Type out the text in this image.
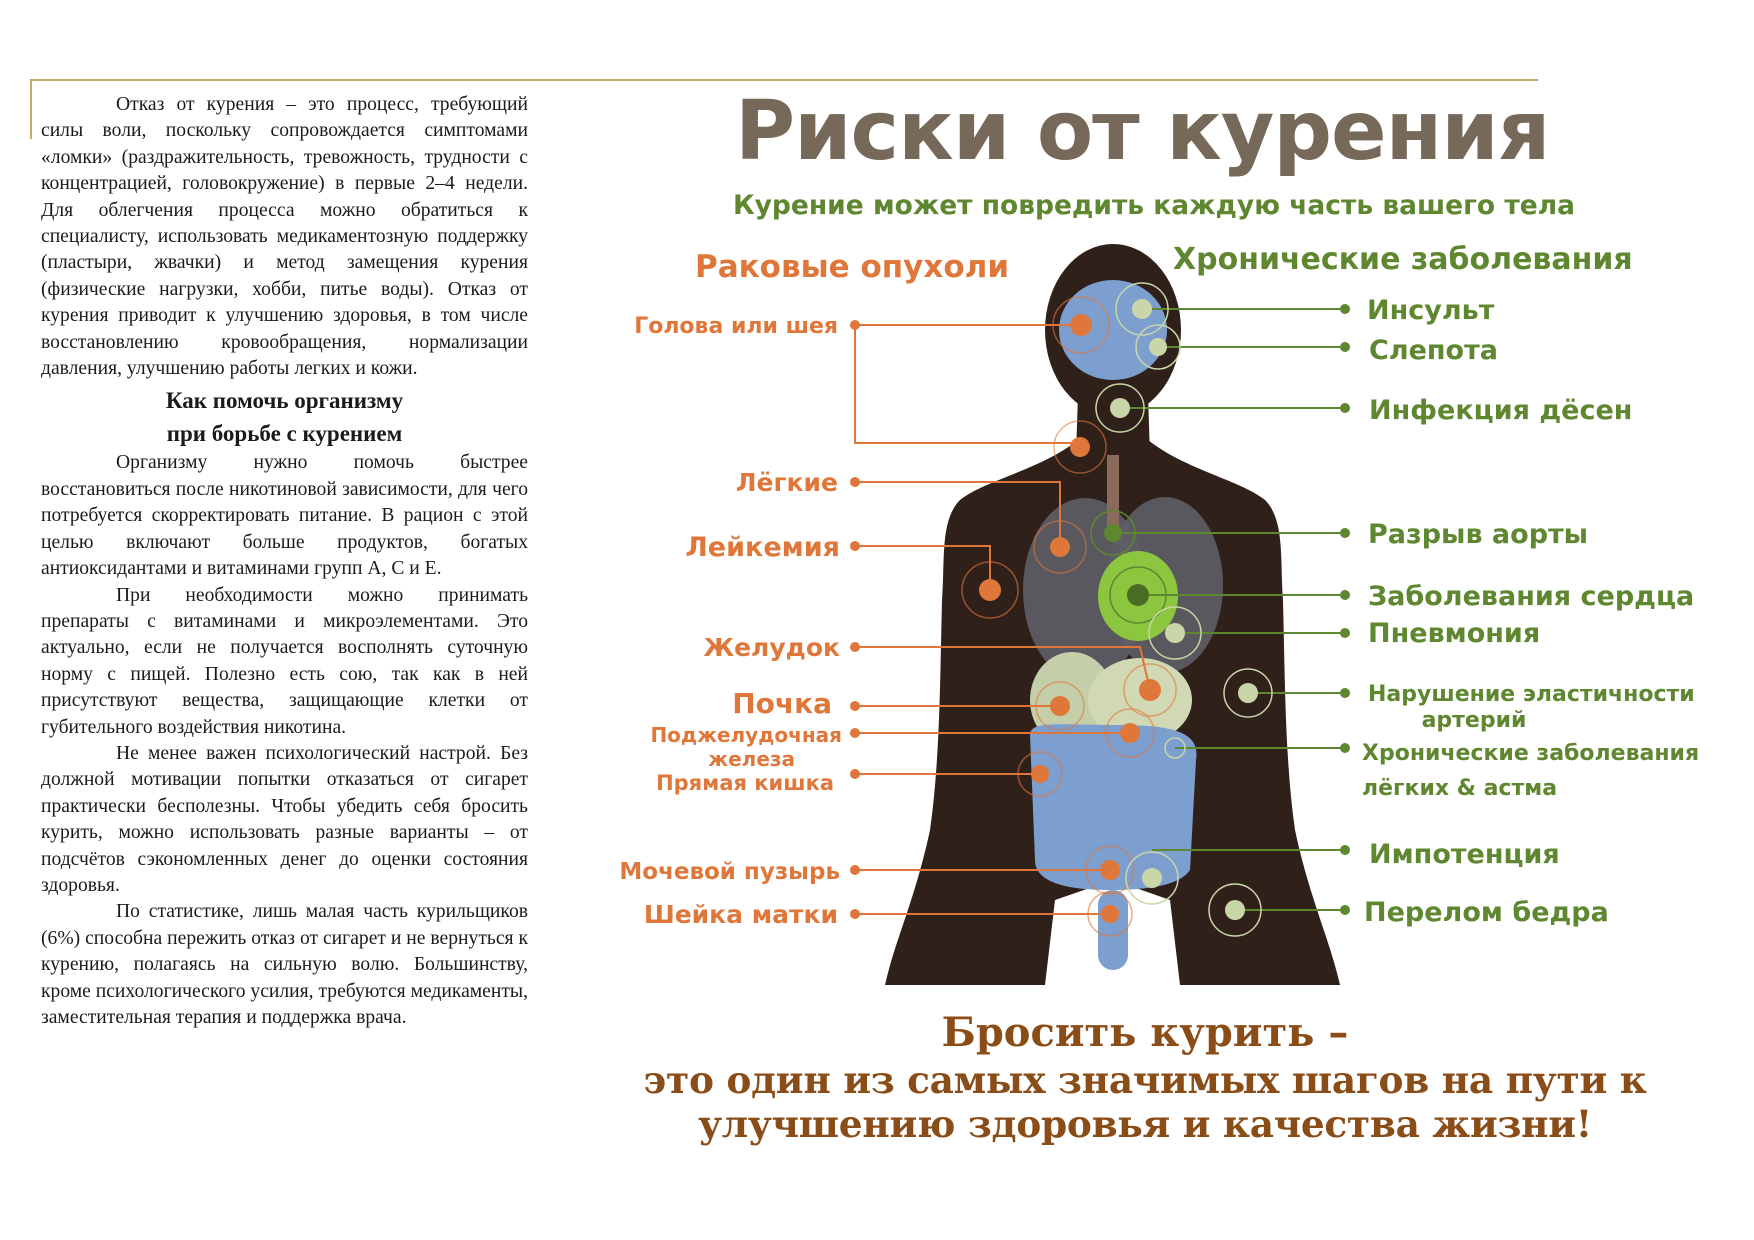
Отказ от курения – это процесс, требующий силы воли, поскольку сопровождается симптомами «ломки» (раздражительность, тревожность, трудности с концентрацией, головокружение) в первые 2–4 недели. Для облегчения процесса можно обратиться к специалисту, использовать медикаментозную поддержку (пластыри, жвачки) и метод замещения курения (физические нагрузки, хобби, питье воды). Отказ от курения приводит к улучшению здоровья, в том числе восстановлению кровообращения, нормализации давления, улучшению работы легких и кожи.

Как помочь организму
при борьбе с курением

Организму нужно помочь быстрее восстановиться после никотиновой зависимости, для чего потребуется скорректировать питание. В рацион с этой целью включают больше продуктов, богатых антиоксидантами и витаминами групп А, С и Е.

При необходимости можно принимать препараты с витаминами и микроэлементами. Это актуально, если не получается восполнять суточную норму с пищей. Полезно есть сою, так как в ней присутствуют вещества, защищающие клетки от губительного воздействия никотина.

Не менее важен психологический настрой. Без должной мотивации попытки отказаться от сигарет практически бесполезны. Чтобы убедить себя бросить курить, можно использовать разные варианты – от подсчётов сэкономленных денег до оценки состояния здоровья.

По статистике, лишь малая часть курильщиков (6%) способна пережить отказ от сигарет и не вернуться к курению, полагаясь на сильную волю. Большинству, кроме психологического усилия, требуются медикаменты, заместительная терапия и поддержка врача.

Риски от курения
Курение может повредить каждую часть вашего тела
Раковые опухоли	Хронические заболевания
Голова или шея
Лёгкие
Лейкемия
Желудок
Почка
Поджелудочная
железа
Прямая кишка
Мочевой пузырь
Шейка матки
Инсульт
Слепота
Инфекция дёсен
Разрыв аорты
Заболевания сердца
Пневмония
Нарушение эластичности
артерий
Хронические заболевания
лёгких & астма
Импотенция
Перелом бедра
Бросить курить –
это один из самых значимых шагов на пути к
улучшению здоровья и качества жизни!
